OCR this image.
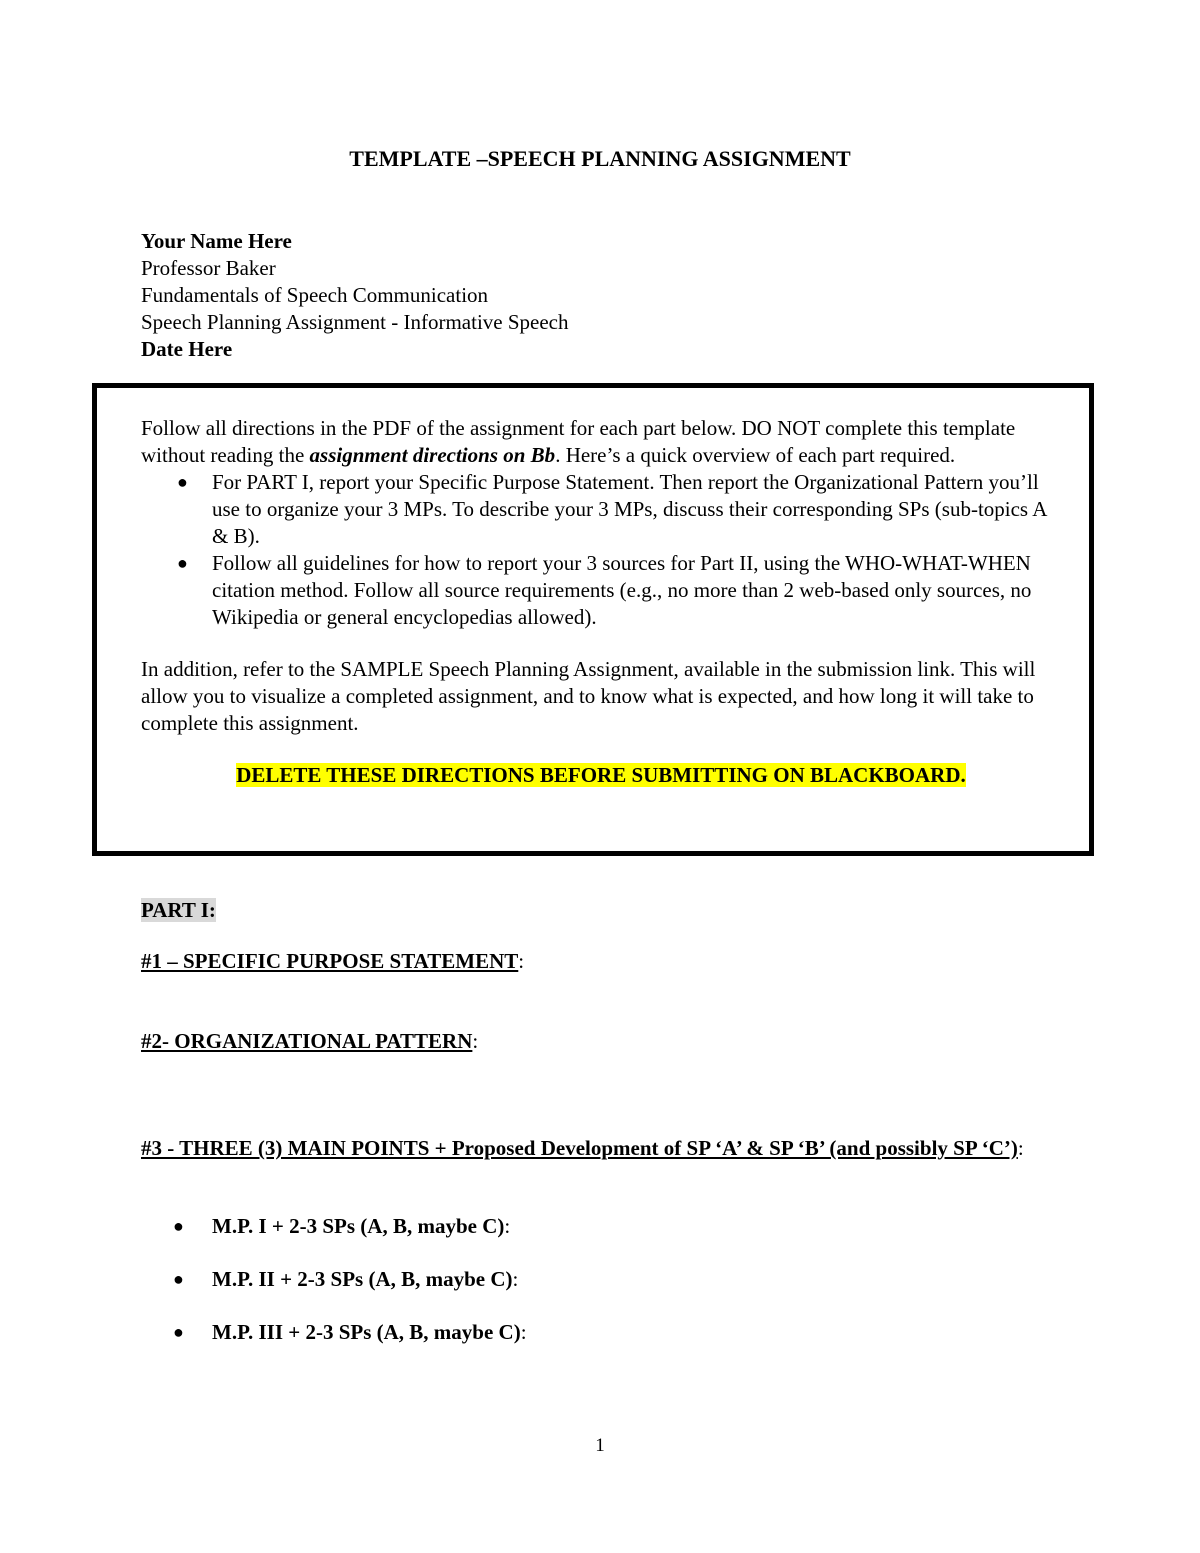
TEMPLATE –SPEECH PLANNING ASSIGNMENT
Your Name Here
Professor Baker
Fundamentals of Speech Communication
Speech Planning Assignment - Informative Speech
Date Here

Follow all directions in the PDF of the assignment for each part below. DO NOT complete this template without reading the assignment directions on Bb. Here’s a quick overview of each part required.

● For PART I, report your Specific Purpose Statement. Then report the Organizational Pattern you’ll use to organize your 3 MPs. To describe your 3 MPs, discuss their corresponding SPs (sub-topics A & B).
● Follow all guidelines for how to report your 3 sources for Part II, using the WHO-WHAT-WHEN citation method. Follow all source requirements (e.g., no more than 2 web-based only sources, no Wikipedia or general encyclopedias allowed).

In addition, refer to the SAMPLE Speech Planning Assignment, available in the submission link. This will allow you to visualize a completed assignment, and to know what is expected, and how long it will take to complete this assignment.

DELETE THESE DIRECTIONS BEFORE SUBMITTING ON BLACKBOARD.
PART I:
#1 – SPECIFIC PURPOSE STATEMENT:
#2- ORGANIZATIONAL PATTERN:
#3 - THREE (3) MAIN POINTS + Proposed Development of SP ‘A’ & SP ‘B’ (and possibly SP ‘C’):
● M.P. I + 2-3 SPs (A, B, maybe C):
● M.P. II + 2-3 SPs (A, B, maybe C):
● M.P. III + 2-3 SPs (A, B, maybe C):
1
